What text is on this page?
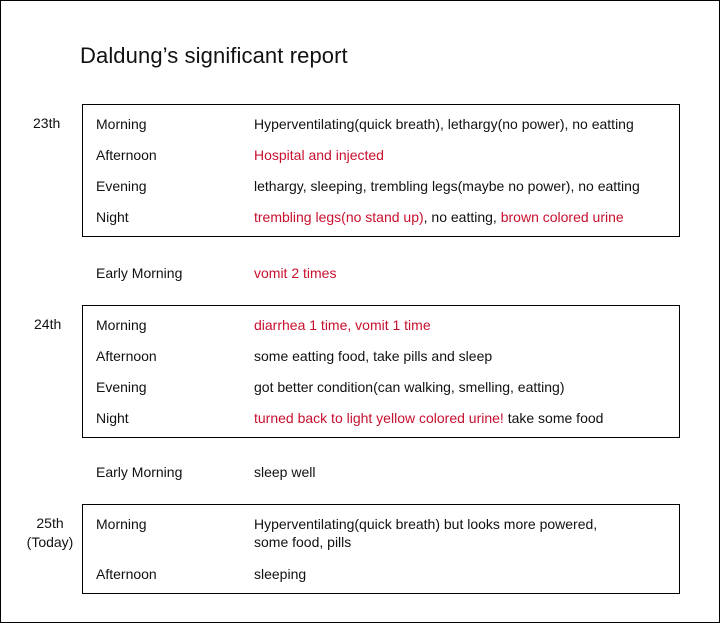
Daldung’s significant report
23th	Morning	Hyperventilating(quick breath), lethargy(no power), no eatting
Afternoon	Hospital and injected
Evening	lethargy, sleeping, trembling legs(maybe no power), no eatting
Night	trembling legs(no stand up), no eatting, brown colored urine
Early Morning	vomit 2 times
24th Morning	diarrhea 1 time, vomit 1 time
Afternoon	some eatting food, take pills and sleep
Evening	got better condition(can walking, smelling, eatting)
Night	turned back to light yellow colored urine! take some food
Early Morning	sleep well
25th
(Today)
Morning	Hyperventilating(quick breath) but looks more powered, some food, pills
Afternoon	sleeping
